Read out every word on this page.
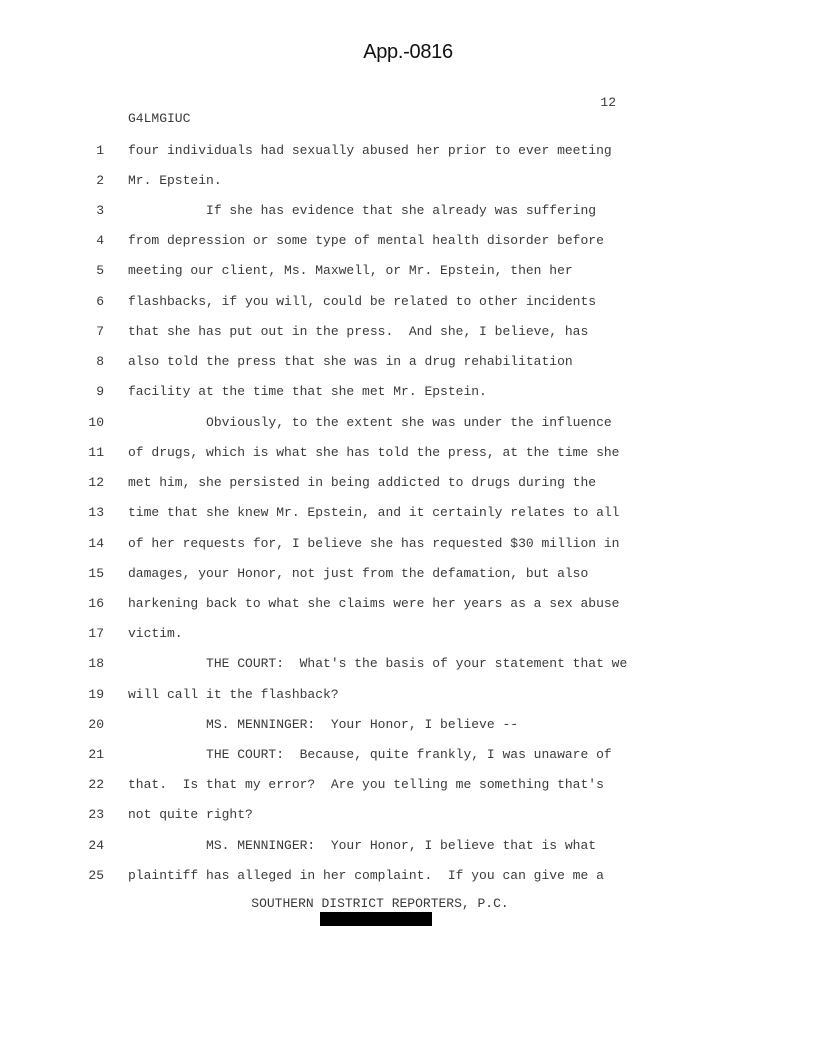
App.-0816
12
G4LMGIUC
1 four individuals had sexually abused her prior to ever meeting
2 Mr. Epstein.
3 If she has evidence that she already was suffering
4 from depression or some type of mental health disorder before
5 meeting our client, Ms. Maxwell, or Mr. Epstein, then her
6 flashbacks, if you will, could be related to other incidents
7 that she has put out in the press.  And she, I believe, has
8 also told the press that she was in a drug rehabilitation
9 facility at the time that she met Mr. Epstein.
10 Obviously, to the extent she was under the influence
11 of drugs, which is what she has told the press, at the time she
12 met him, she persisted in being addicted to drugs during the
13 time that she knew Mr. Epstein, and it certainly relates to all
14 of her requests for, I believe she has requested $30 million in
15 damages, your Honor, not just from the defamation, but also
16 harkening back to what she claims were her years as a sex abuse
17 victim.
18 THE COURT:  What's the basis of your statement that we
19 will call it the flashback?
20 MS. MENNINGER:  Your Honor, I believe --
21 THE COURT:  Because, quite frankly, I was unaware of
22 that.  Is that my error?  Are you telling me something that's
23 not quite right?
24 MS. MENNINGER:  Your Honor, I believe that is what
25 plaintiff has alleged in her complaint.  If you can give me a
SOUTHERN DISTRICT REPORTERS, P.C.
